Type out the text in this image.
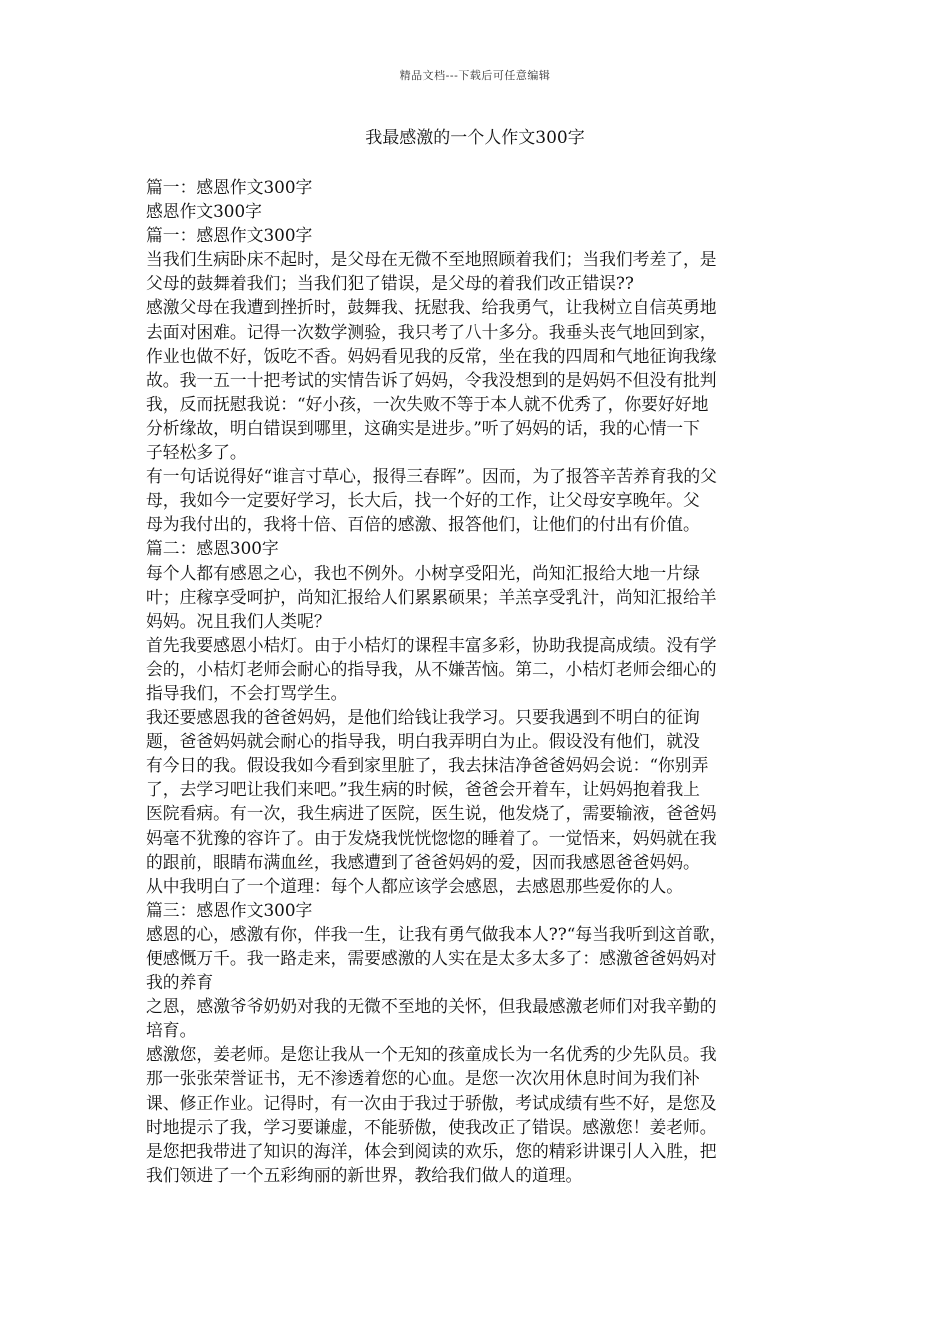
精品文档---下载后可任意编辑
我最感激的一个人作文300字

篇一：感恩作文300字

感恩作文300字

篇一：感恩作文300字

当我们生病卧床不起时，是父母在无微不至地照顾着我们；当我们考差了，是

父母的鼓舞着我们；当我们犯了错误，是父母的着我们改正错误??

感激父母在我遭到挫折时，鼓舞我、抚慰我、给我勇气，让我树立自信英勇地

去面对困难。记得一次数学测验，我只考了八十多分。我垂头丧气地回到家，

作业也做不好，饭吃不香。妈妈看见我的反常，坐在我的四周和气地征询我缘

故。我一五一十把考试的实情告诉了妈妈，令我没想到的是妈妈不但没有批判

我，反而抚慰我说：“好小孩，一次失败不等于本人就不优秀了，你要好好地

分析缘故，明白错误到哪里，这确实是进步。”听了妈妈的话，我的心情一下

子轻松多了。

有一句话说得好“谁言寸草心，报得三春晖”。因而，为了报答辛苦养育我的父

母，我如今一定要好学习，长大后，找一个好的工作，让父母安享晚年。父

母为我付出的，我将十倍、百倍的感激、报答他们，让他们的付出有价值。

篇二：感恩300字

每个人都有感恩之心，我也不例外。小树享受阳光，尚知汇报给大地一片绿

叶；庄稼享受呵护，尚知汇报给人们累累硕果；羊羔享受乳汁，尚知汇报给羊

妈妈。况且我们人类呢？

首先我要感恩小桔灯。由于小桔灯的课程丰富多彩，协助我提高成绩。没有学

会的，小桔灯老师会耐心的指导我，从不嫌苦恼。第二，小桔灯老师会细心的

指导我们，不会打骂学生。

我还要感恩我的爸爸妈妈，是他们给钱让我学习。只要我遇到不明白的征询

题，爸爸妈妈就会耐心的指导我，明白我弄明白为止。假设没有他们，就没

有今日的我。假设我如今看到家里脏了，我去抹洁净爸爸妈妈会说：“你别弄

了，去学习吧让我们来吧。”我生病的时候，爸爸会开着车，让妈妈抱着我上

医院看病。有一次，我生病进了医院，医生说，他发烧了，需要输液，爸爸妈

妈毫不犹豫的容许了。由于发烧我恍恍惚惚的睡着了。一觉悟来，妈妈就在我

的跟前，眼睛布满血丝，我感遭到了爸爸妈妈的爱，因而我感恩爸爸妈妈。

从中我明白了一个道理：每个人都应该学会感恩，去感恩那些爱你的人。

篇三：感恩作文300字

感恩的心，感激有你，伴我一生，让我有勇气做我本人??“每当我听到这首歌，

便感慨万千。我一路走来，需要感激的人实在是太多太多了：感激爸爸妈妈对

我的养育

之恩，感激爷爷奶奶对我的无微不至地的关怀，但我最感激老师们对我辛勤的

培育。

感激您，姜老师。是您让我从一个无知的孩童成长为一名优秀的少先队员。我

那一张张荣誉证书，无不渗透着您的心血。是您一次次用休息时间为我们补

课、修正作业。记得时，有一次由于我过于骄傲，考试成绩有些不好，是您及

时地提示了我，学习要谦虚，不能骄傲，使我改正了错误。感激您！姜老师。

是您把我带进了知识的海洋，体会到阅读的欢乐，您的精彩讲课引人入胜，把

我们领进了一个五彩绚丽的新世界，教给我们做人的道理。
